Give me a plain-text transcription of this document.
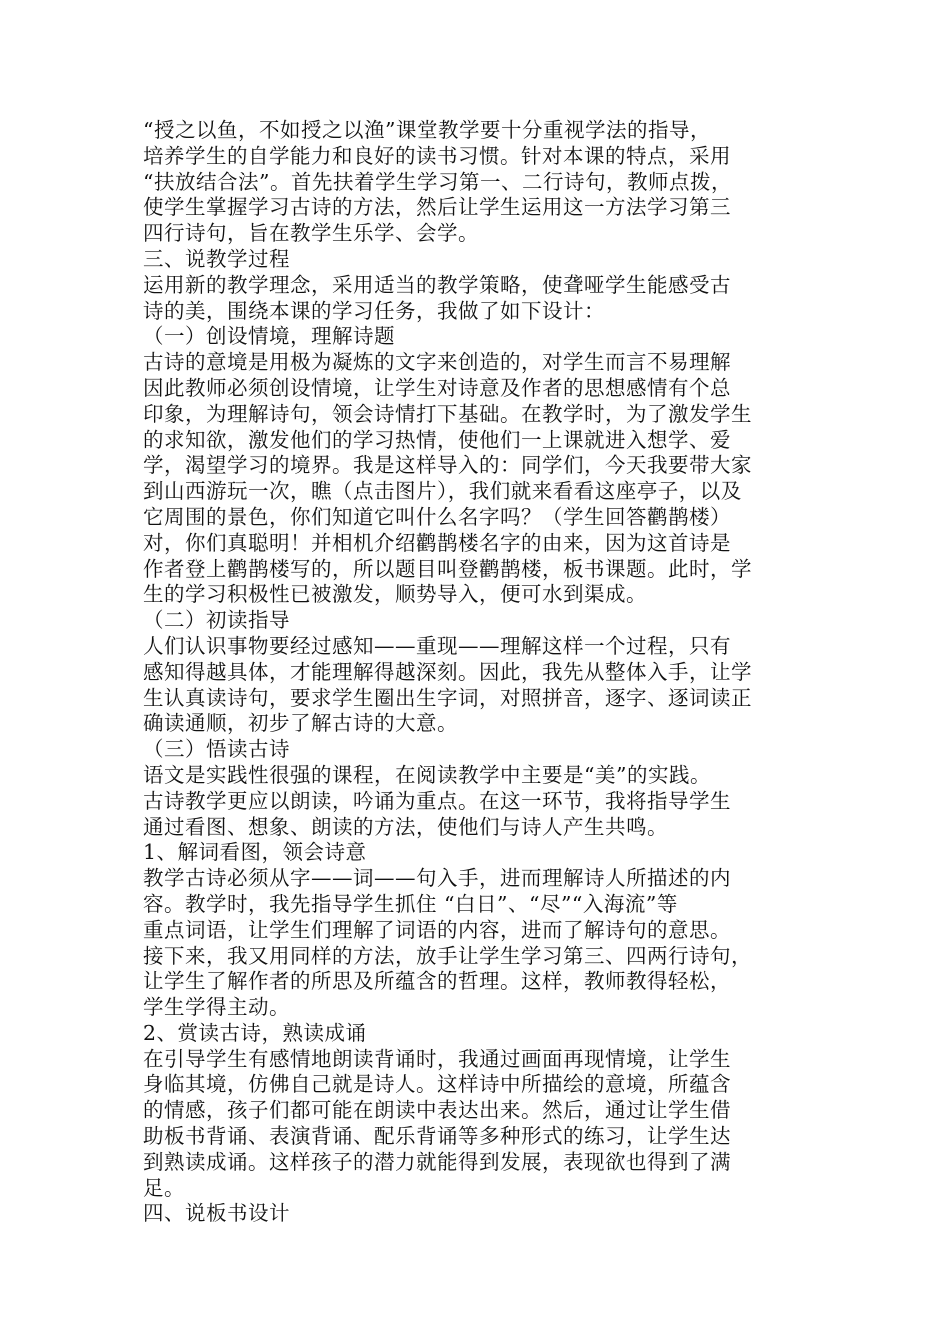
“授之以鱼，不如授之以渔”课堂教学要十分重视学法的指导，
培养学生的自学能力和良好的读书习惯。针对本课的特点，采用
“扶放结合法”。首先扶着学生学习第一、二行诗句，教师点拨，
使学生掌握学习古诗的方法，然后让学生运用这一方法学习第三
四行诗句，旨在教学生乐学、会学。
三、说教学过程
运用新的教学理念，采用适当的教学策略，使聋哑学生能感受古
诗的美，围绕本课的学习任务，我做了如下设计：
（一）创设情境，理解诗题
古诗的意境是用极为凝炼的文字来创造的，对学生而言不易理解
因此教师必须创设情境，让学生对诗意及作者的思想感情有个总
印象，为理解诗句，领会诗情打下基础。在教学时，为了激发学生
的求知欲，激发他们的学习热情，使他们一上课就进入想学、爱
学，渴望学习的境界。我是这样导入的：同学们，今天我要带大家
到山西游玩一次，瞧（点击图片），我们就来看看这座亭子，以及
它周围的景色，你们知道它叫什么名字吗？（学生回答鹳鹊楼）
对，你们真聪明！并相机介绍鹳鹊楼名字的由来，因为这首诗是
作者登上鹳鹊楼写的，所以题目叫登鹳鹊楼，板书课题。此时，学
生的学习积极性已被激发，顺势导入，便可水到渠成。
（二）初读指导
人们认识事物要经过感知——重现——理解这样一个过程，只有
感知得越具体，才能理解得越深刻。因此，我先从整体入手，让学
生认真读诗句，要求学生圈出生字词，对照拼音，逐字、逐词读正
确读通顺，初步了解古诗的大意。
（三）悟读古诗
语文是实践性很强的课程，在阅读教学中主要是“美”的实践。
古诗教学更应以朗读，吟诵为重点。在这一环节，我将指导学生
通过看图、想象、朗读的方法，使他们与诗人产生共鸣。
1、解词看图，领会诗意
教学古诗必须从字——词——句入手，进而理解诗人所描述的内
容。教学时，我先指导学生抓住 “白日”、“尽”“入海流”等
重点词语，让学生们理解了词语的内容，进而了解诗句的意思。
接下来，我又用同样的方法，放手让学生学习第三、四两行诗句，
让学生了解作者的所思及所蕴含的哲理。这样，教师教得轻松，
学生学得主动。
2、赏读古诗，熟读成诵
在引导学生有感情地朗读背诵时，我通过画面再现情境，让学生
身临其境，仿佛自己就是诗人。这样诗中所描绘的意境，所蕴含
的情感，孩子们都可能在朗读中表达出来。然后，通过让学生借
助板书背诵、表演背诵、配乐背诵等多种形式的练习，让学生达
到熟读成诵。这样孩子的潜力就能得到发展，表现欲也得到了满
足。
四、说板书设计
